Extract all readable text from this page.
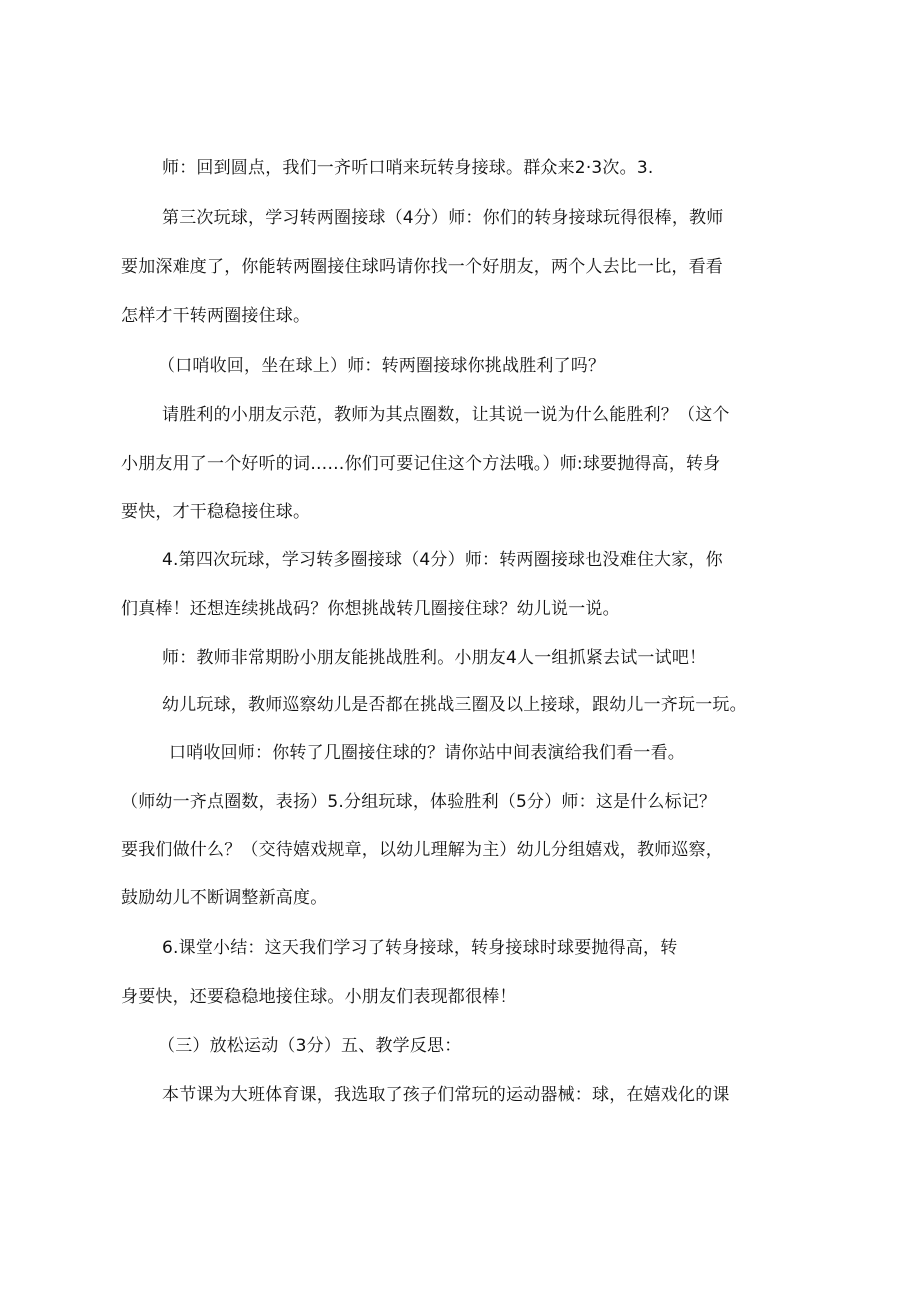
师：回到圆点，我们一齐听口哨来玩转身接球。群众来2·3次。3.
第三次玩球，学习转两圈接球（4分）师：你们的转身接球玩得很棒，教师
要加深难度了，你能转两圈接住球吗请你找一个好朋友，两个人去比一比，看看
怎样才干转两圈接住球。
（口哨收回，坐在球上）师：转两圈接球你挑战胜利了吗？
请胜利的小朋友示范，教师为其点圈数，让其说一说为什么能胜利？（这个
小朋友用了一个好听的词……你们可要记住这个方法哦。）师:球要抛得高，转身
要快，才干稳稳接住球。
4.第四次玩球，学习转多圈接球（4分）师：转两圈接球也没难住大家，你
们真棒！还想连续挑战码？你想挑战转几圈接住球？幼儿说一说。
师：教师非常期盼小朋友能挑战胜利。小朋友4人一组抓紧去试一试吧！
幼儿玩球，教师巡察幼儿是否都在挑战三圈及以上接球，跟幼儿一齐玩一玩。
口哨收回师：你转了几圈接住球的？请你站中间表演给我们看一看。
（师幼一齐点圈数，表扬）5.分组玩球，体验胜利（5分）师：这是什么标记？
要我们做什么？（交待嬉戏规章，以幼儿理解为主）幼儿分组嬉戏，教师巡察，
鼓励幼儿不断调整新高度。
6.课堂小结：这天我们学习了转身接球，转身接球时球要抛得高，转
身要快，还要稳稳地接住球。小朋友们表现都很棒！
（三）放松运动（3分）五、教学反思：
本节课为大班体育课，我选取了孩子们常玩的运动器械：球，在嬉戏化的课
